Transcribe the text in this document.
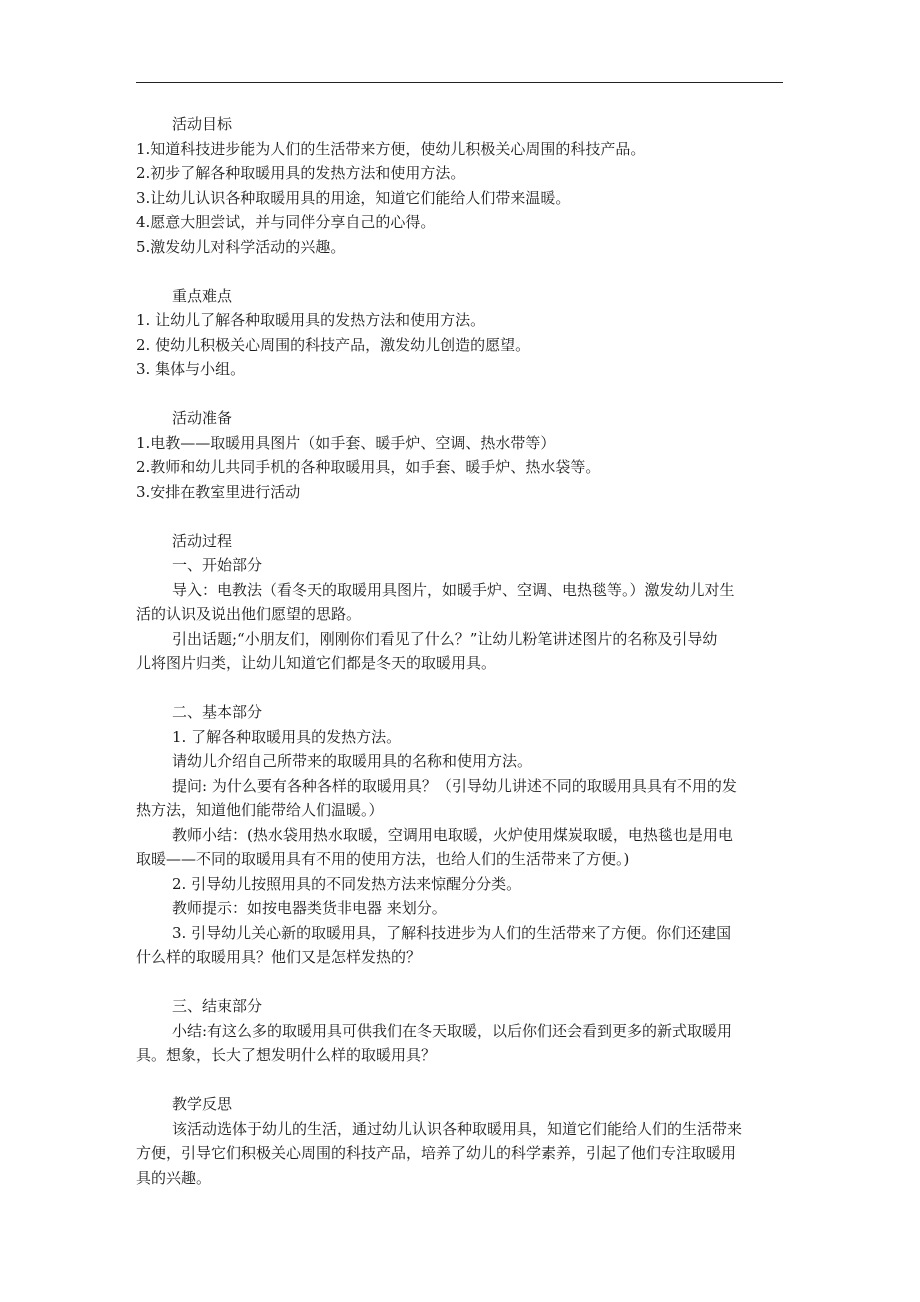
活动目标
1.知道科技进步能为人们的生活带来方便，使幼儿积极关心周围的科技产品。
2.初步了解各种取暖用具的发热方法和使用方法。
3.让幼儿认识各种取暖用具的用途，知道它们能给人们带来温暖。
4.愿意大胆尝试，并与同伴分享自己的心得。
5.激发幼儿对科学活动的兴趣。
重点难点
1. 让幼儿了解各种取暖用具的发热方法和使用方法。
2. 使幼儿积极关心周围的科技产品，激发幼儿创造的愿望。
3. 集体与小组。
活动准备
1.电教——取暖用具图片（如手套、暖手炉、空调、热水带等）
2.教师和幼儿共同手机的各种取暖用具，如手套、暖手炉、热水袋等。
3.安排在教室里进行活动
活动过程
一、开始部分
导入：电教法（看冬天的取暖用具图片，如暖手炉、空调、电热毯等。）激发幼儿对生
活的认识及说出他们愿望的思路。
引出话题;“小朋友们，刚刚你们看见了什么？”让幼儿粉笔讲述图片的名称及引导幼
儿将图片归类，让幼儿知道它们都是冬天的取暖用具。
二、基本部分
1. 了解各种取暖用具的发热方法。
请幼儿介绍自己所带来的取暖用具的名称和使用方法。
提问: 为什么要有各种各样的取暖用具？（引导幼儿讲述不同的取暖用具具有不用的发
热方法，知道他们能带给人们温暖。）
教师小结：(热水袋用热水取暖，空调用电取暖，火炉使用煤炭取暖，电热毯也是用电
取暖——不同的取暖用具有不用的使用方法，也给人们的生活带来了方便。)
2. 引导幼儿按照用具的不同发热方法来惊醒分分类。
教师提示：如按电器类货非电器 来划分。
3. 引导幼儿关心新的取暖用具，了解科技进步为人们的生活带来了方便。你们还建国
什么样的取暖用具？他们又是怎样发热的？
三、结束部分
小结:有这么多的取暖用具可供我们在冬天取暖，以后你们还会看到更多的新式取暖用
具。想象，长大了想发明什么样的取暖用具？
教学反思
该活动选体于幼儿的生活，通过幼儿认识各种取暖用具，知道它们能给人们的生活带来
方便，引导它们积极关心周围的科技产品，培养了幼儿的科学素养，引起了他们专注取暖用
具的兴趣。
